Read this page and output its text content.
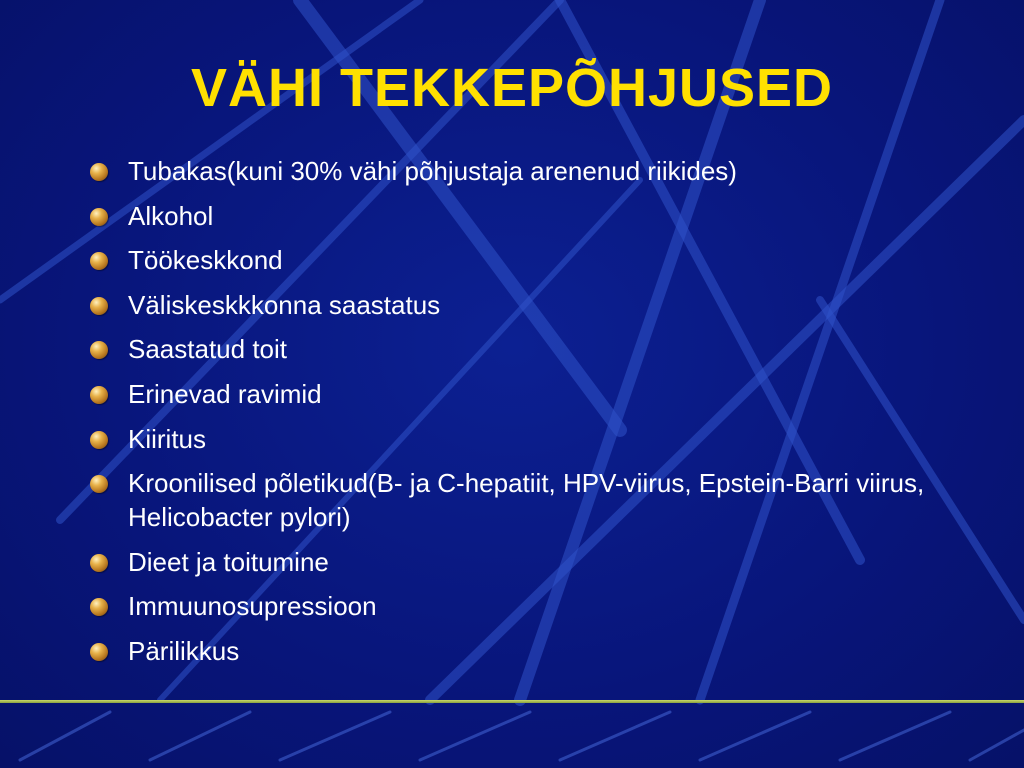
VÄHI TEKKEPÕHJUSED
Tubakas(kuni 30% vähi põhjustaja arenenud riikides)
Alkohol
Töökeskkond
Väliskeskkkonna saastatus
Saastatud toit
Erinevad ravimid
Kiiritus
Kroonilised põletikud(B- ja C-hepatiit, HPV-viirus, Epstein-Barri viirus, Helicobacter pylori)
Dieet ja toitumine
Immuunosupressioon
Pärilikkus
